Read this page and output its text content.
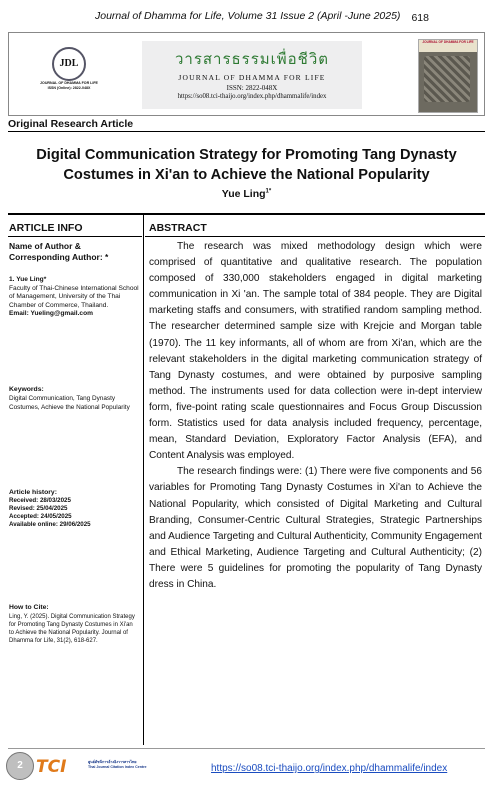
Journal of Dhamma for Life, Volume 31 Issue 2 (April -June 2025) 618
JDL
JOURNAL OF DHAMMA FOR LIFE
ISSN (Online): 2822-048X
วารสารธรรมเพื่อชีวิต
JOURNAL OF DHAMMA FOR LIFE
ISSN: 2822-048X
https://so08.tci-thaijo.org/index.php/dhammalife/index
JOURNAL OF DHAMMA FOR LIFE
Original Research Article
Digital Communication Strategy for Promoting Tang Dynasty Costumes in Xi'an to Achieve the National Popularity
Yue Ling$^{1*}$
ARTICLE INFO
Name of Author & Corresponding Author: *
1. Yue Ling*
Faculty of Thai-Chinese International School of Management, University of the Thai Chamber of Commerce, Thailand.
Email: Yueling@gmail.com
Keywords:
Digital Communication, Tang Dynasty Costumes, Achieve the National Popularity
Article history:
Received: 28/03/2025
Revised: 25/04/2025
Accepted: 24/05/2025
Available online: 29/06/2025
How to Cite:
Ling, Y. (2025). Digital Communication Strategy for Promoting Tang Dynasty Costumes in Xi'an to Achieve the National Popularity. Journal of Dhamma for Life, 31(2), 618-627.
ABSTRACT

The research was mixed methodology design which were comprised of quantitative and qualitative research. The population composed of 330,000 stakeholders engaged in digital marketing communication in Xi 'an. The sample total of 384 people. They are Digital marketing staffs and consumers, with stratified random sampling method. The researcher determined sample size with Krejcie and Morgan table (1970). The 11 key informants, all of whom are from Xi'an, which are the relevant stakeholders in the digital marketing communication strategy of Tang Dynasty costumes, and were obtained by purposive sampling method. The instruments used for data collection were in-dept interview form, five-point rating scale questionnaires and Focus Group Discussion form. Statistics used for data analysis included frequency, percentage, mean, Standard Deviation, Exploratory Factor Analysis (EFA), and Content Analysis was employed.

The research findings were: (1) There were five components and 56 variables for Promoting Tang Dynasty Costumes in Xi'an to Achieve the National Popularity, which consisted of Digital Marketing and Cultural Branding, Consumer-Centric Cultural Strategies, Strategic Partnerships and Audience Targeting and Cultural Authenticity, Community Engagement and Ethical Marketing, Audience Targeting and Cultural Authenticity; (2) There were 5 guidelines for promoting the popularity of Tang Dynasty dress in China.

2 TCI	ศูนย์ดัชนีการอ้างอิงวารสารไทย
Thai Journal Citation Index Centre	https://so08.tci-thaijo.org/index.php/dhammalife/index
